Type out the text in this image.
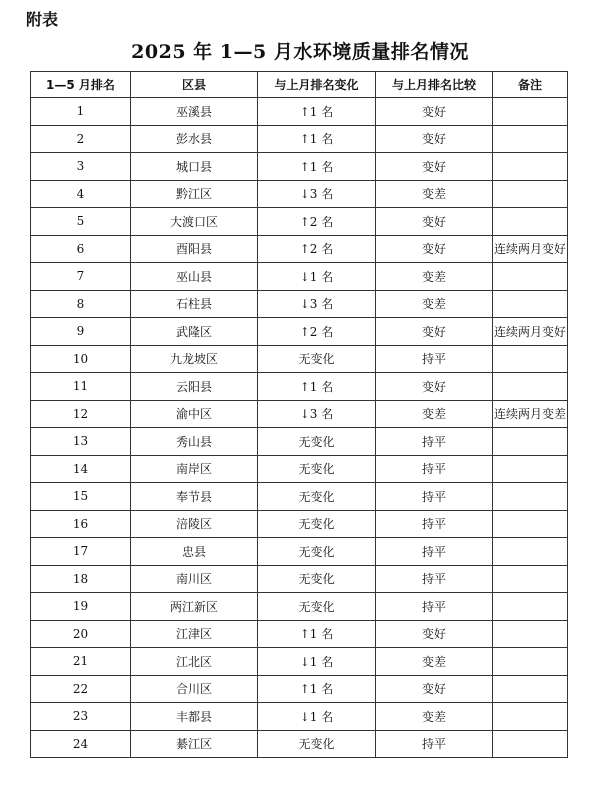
附表
2025 年 1—5 月水环境质量排名情况
1—5 月排名	区县	与上月排名变化	与上月排名比较	备注
1	巫溪县	↑1 名	变好	
2	彭水县	↑1 名	变好	
3	城口县	↑1 名	变好	
4	黔江区	↓3 名	变差	
5	大渡口区	↑2 名	变好	
6	酉阳县	↑2 名	变好	连续两月变好
7	巫山县	↓1 名	变差	
8	石柱县	↓3 名	变差	
9	武隆区	↑2 名	变好	连续两月变好
10	九龙坡区	无变化	持平	
11	云阳县	↑1 名	变好	
12	渝中区	↓3 名	变差	连续两月变差
13	秀山县	无变化	持平	
14	南岸区	无变化	持平	
15	奉节县	无变化	持平	
16	涪陵区	无变化	持平	
17	忠县	无变化	持平	
18	南川区	无变化	持平	
19	两江新区	无变化	持平	
20	江津区	↑1 名	变好	
21	江北区	↓1 名	变差	
22	合川区	↑1 名	变好	
23	丰都县	↓1 名	变差	
24	綦江区	无变化	持平	
